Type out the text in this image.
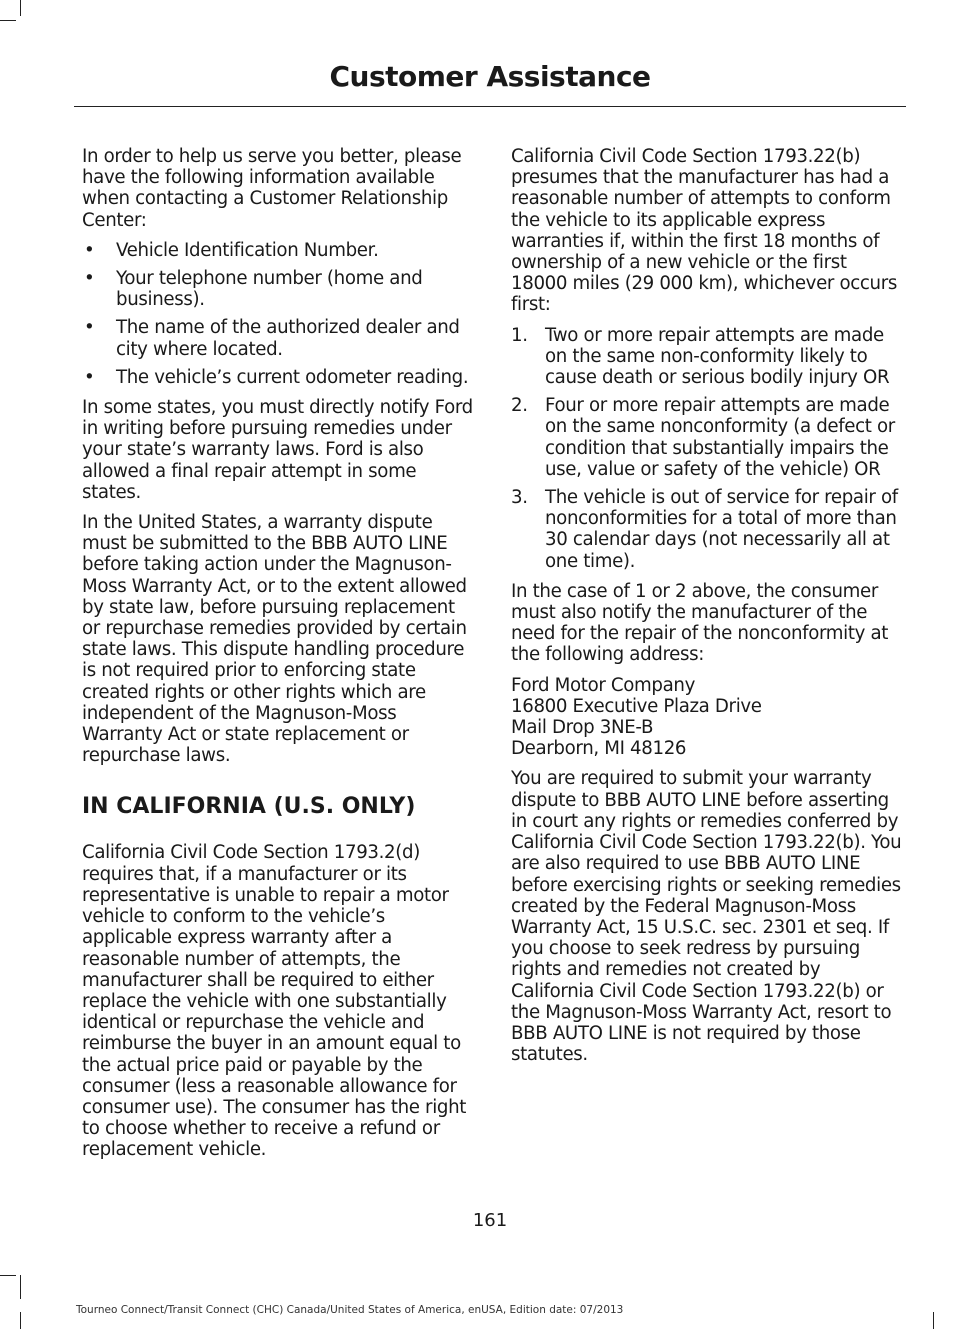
Customer Assistance

In order to help us serve you better, please have the following information available when contacting a Customer Relationship Center:

• Vehicle Identification Number.
• Your telephone number (home and business).
• The name of the authorized dealer and city where located.
• The vehicle’s current odometer reading.

In some states, you must directly notify Ford in writing before pursuing remedies under your state’s warranty laws. Ford is also allowed a final repair attempt in some states.

In the United States, a warranty dispute must be submitted to the BBB AUTO LINE before taking action under the Magnuson-Moss Warranty Act, or to the extent allowed by state law, before pursuing replacement or repurchase remedies provided by certain state laws. This dispute handling procedure is not required prior to enforcing state created rights or other rights which are independent of the Magnuson-Moss Warranty Act or state replacement or repurchase laws.

IN CALIFORNIA (U.S. ONLY)

California Civil Code Section 1793.2(d) requires that, if a manufacturer or its representative is unable to repair a motor vehicle to conform to the vehicle’s applicable express warranty after a reasonable number of attempts, the manufacturer shall be required to either replace the vehicle with one substantially identical or repurchase the vehicle and reimburse the buyer in an amount equal to the actual price paid or payable by the consumer (less a reasonable allowance for consumer use). The consumer has the right to choose whether to receive a refund or replacement vehicle.

California Civil Code Section 1793.22(b) presumes that the manufacturer has had a reasonable number of attempts to conform the vehicle to its applicable express warranties if, within the first 18 months of ownership of a new vehicle or the first 18000 miles (29 000 km), whichever occurs first:

1. Two or more repair attempts are made on the same non-conformity likely to cause death or serious bodily injury OR
2. Four or more repair attempts are made on the same nonconformity (a defect or condition that substantially impairs the use, value or safety of the vehicle) OR
3. The vehicle is out of service for repair of nonconformities for a total of more than 30 calendar days (not necessarily all at one time).

In the case of 1 or 2 above, the consumer must also notify the manufacturer of the need for the repair of the nonconformity at the following address:

Ford Motor Company
16800 Executive Plaza Drive
Mail Drop 3NE-B
Dearborn, MI 48126

You are required to submit your warranty dispute to BBB AUTO LINE before asserting in court any rights or remedies conferred by California Civil Code Section 1793.22(b). You are also required to use BBB AUTO LINE before exercising rights or seeking remedies created by the Federal Magnuson-Moss Warranty Act, 15 U.S.C. sec. 2301 et seq. If you choose to seek redress by pursuing rights and remedies not created by California Civil Code Section 1793.22(b) or the Magnuson-Moss Warranty Act, resort to BBB AUTO LINE is not required by those statutes.

161
Tourneo Connect/Transit Connect (CHC) Canada/United States of America, enUSA, Edition date: 07/2013
